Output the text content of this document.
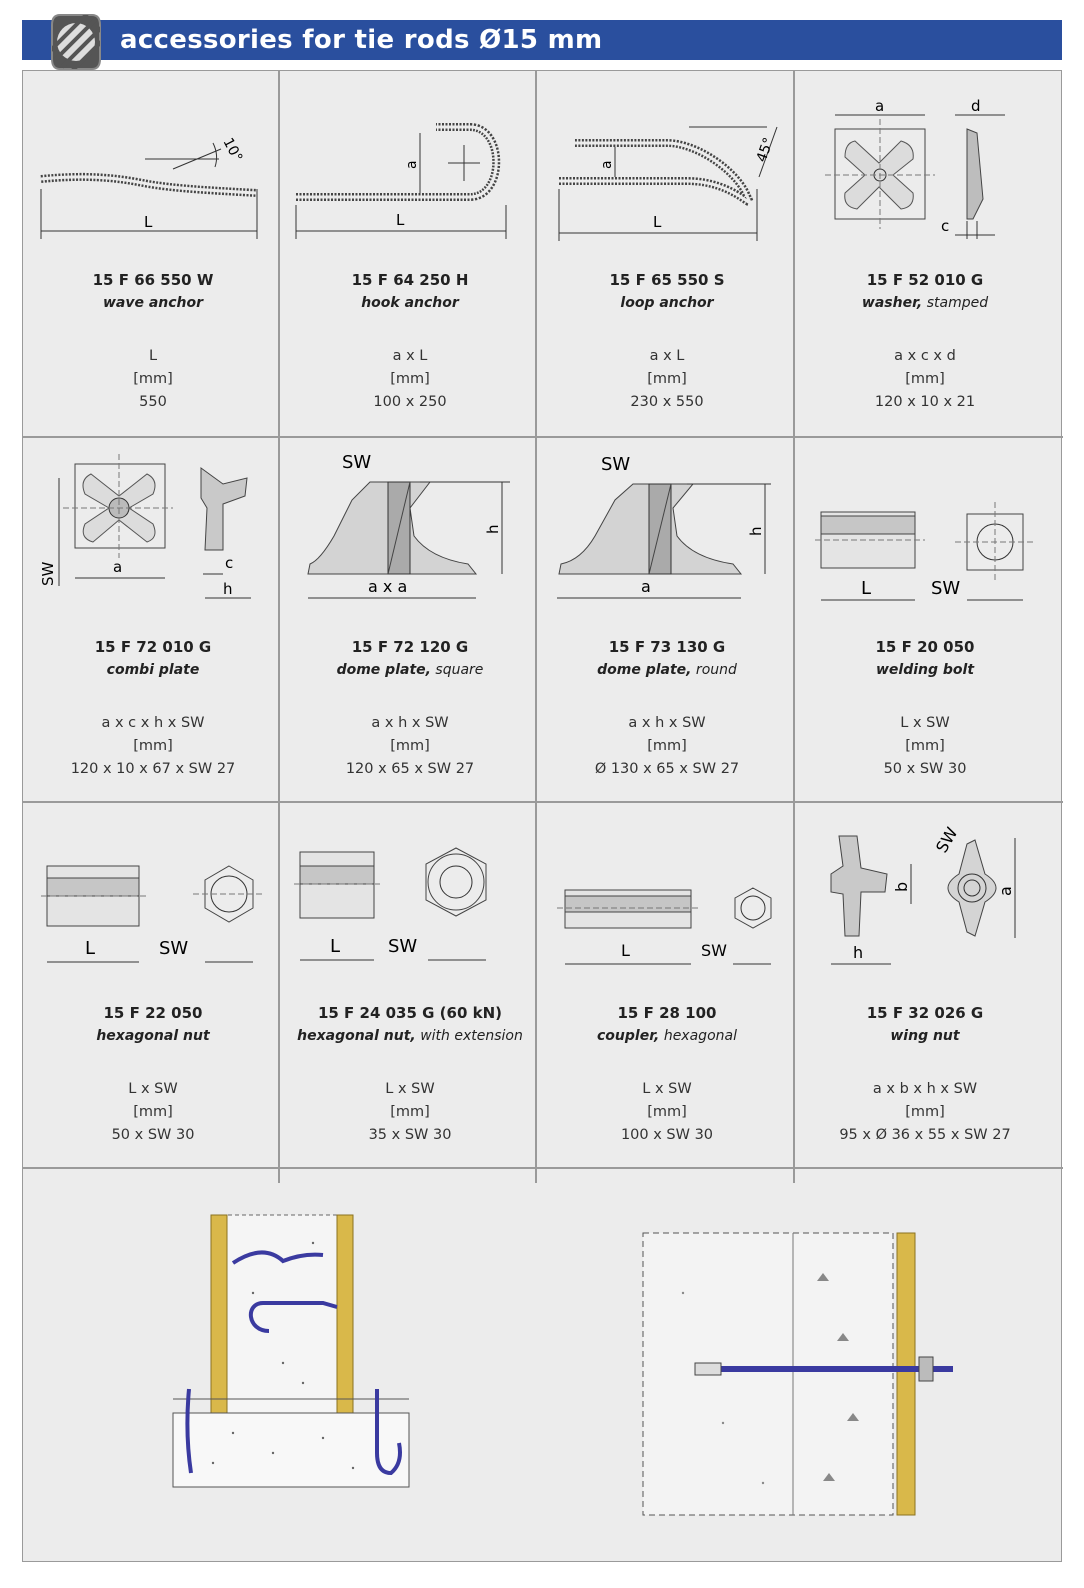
accessories for tie rods Ø15 mm
10°
L
15 F 66 550 W
wave anchor
L
[mm]
550
a
L
15 F 64 250 H
hook anchor
a x L
[mm]
100 x 250
45°
a
L
15 F 65 550 S
loop anchor
a x L
[mm]
230 x 550
a	d
c
15 F 52 010 G
washer, stamped
a x c x d
[mm]
120 x 10 x 21
SW	a	c
h
15 F 72 010 G
combi plate
a x c x h x SW
[mm]
120 x 10 x 67 x SW 27
h
SW
a x a
15 F 72 120 G
dome plate, square
a x h x SW
[mm]
120 x 65 x SW 27
h
SW
a
15 F 73 130 G
dome plate, round
a x h x SW
[mm]
Ø 130 x 65 x SW 27
L	SW
15 F 20 050
welding bolt
L x SW
[mm]
50 x SW 30
L	SW
15 F 22 050
hexagonal nut
L x SW
[mm]
50 x SW 30
L	SW
15 F 24 035 G (60 kN)
hexagonal nut, with extension
L x SW
[mm]
35 x SW 30
L	SW
15 F 28 100
coupler, hexagonal
L x SW
[mm]
100 x SW 30
h
b	a
SW
15 F 32 026 G
wing nut
a x b x h x SW
[mm]
95 x Ø 36 x 55 x SW 27
